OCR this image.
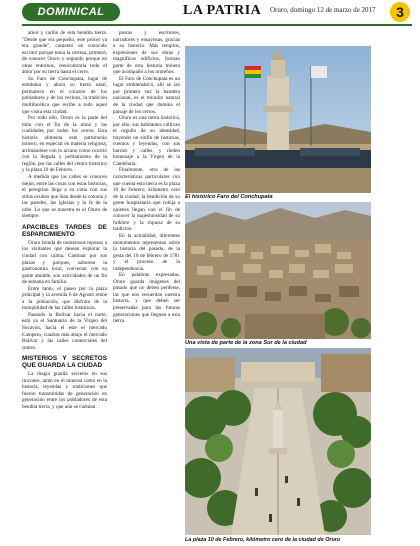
DOMINICAL	LA PATRIA Oruro, domingo 12 de marzo de 2017	3

amor y cariño de esta bendita tierra. "Desde que era pequeño, este prócer ya era grande", comentó un conocido escritor porque tenía la certeza, primero, de conocer Oruro y segundo porque en otras entornos, reencontrarla todo el amor por su tierra hasta el cerro.

Su Faro de Conchupata, lugar de emblema y ahora su tierra natal, permanece en el corazón de los pobladores y de los vecinos, la tradición multifacética que recibe a todo aquel que visita esta ciudad.

Por todo ello, Oruro es la parte del mito con el fin de la mina y las cualidades por todos los cerros. Esta historia alimenta este patrimonio minero, en especial en materia religiosa, arrimándose con lo arcano como ocurrió con la llegada y poblamiento de la región, por las calles del centro histórico y la plaza 10 de Febrero.

A medida que las calles se conocen mejor, entre las cosas con estas historias, el peregrino llega a su cima con sus sitios ocultos que iban desde la colonia y las paredes, las iglesias y la fe de la urbe. Lo que se muestra es el Oruro de siempre.

APACIBLES TARDES DE ESPARCIMIENTO

Oruro brinda de numerosos reposos a los visitantes que desean explorar la ciudad con calma. Caminar por sus plazas y parques, saborear la gastronomía local, conversar con su gente amable, son actividades de un fin de semana en familia.

Entre tanto, el paseo por la plaza principal y la avenida 6 de Agosto reúne a la población, que disfruta de la tranquilidad de las calles históricas.

Pasando la Bolívar hacia el norte, está ya el Santuario de la Virgen del Socavón, hacia el este el mercado Campero, cuadras más abajo el mercado Bolívar y las calles comerciales del centro.

MISTERIOS Y SECRETOS QUE GUARDA LA CIUDAD

La magia guarda secretos en sus rincones, tanto en el mineral como en la historia, leyendas y tradiciones que fueron transmitidas de generación en generación entre los pobladores de esta bendita tierra, y que aún se cuentan.

postas y escritores, narradores y ensayistas, gracias a su historia. Más templos, expresiones de sus obras y magníficos edificios, forman parte de esta historia minera que acompañó a los orureños.

El Faro de Conchupata es un lugar emblemático, allí se izó por primera vez la bandera nacional, es el mirador natural de la ciudad que domina el paisaje de los cerros.

Oruro es una tierra histórica, por ello, sus habitantes cultivan el orgullo de su identidad, trayendo un sinfín de historias, cuentos y leyendas, con sus barrios y calles, y rinden homenaje a la Virgen de la Candelaria.

Finalmente, otra de las características particulares con que cuenta esta tierra es la plaza 10 de Febrero, kilómetro cero de la ciudad, la bendición de su gente hospitalaria que cobija a quienes llegan con el fin de conocer la majestuosidad de su folklore y la riqueza de su tradición.

En la actualidad, diferentes monumentos representan sobre la historia del pasado, de la gesta del 10 de febrero de 1781 y el proceso de la independencia.

En palabras expresadas, Oruro guarda imágenes del pasado que no deben perderse, las que nos recuerdan nuestra historia, y que deben ser preservadas para las futuras generaciones que lleguen a esta tierra.

El histórico Faro del Conchupata
Una vista de parte de la zona Sur de la ciudad
La plaza 10 de Febrero, kilómetro cero de la ciudad de Oruro
